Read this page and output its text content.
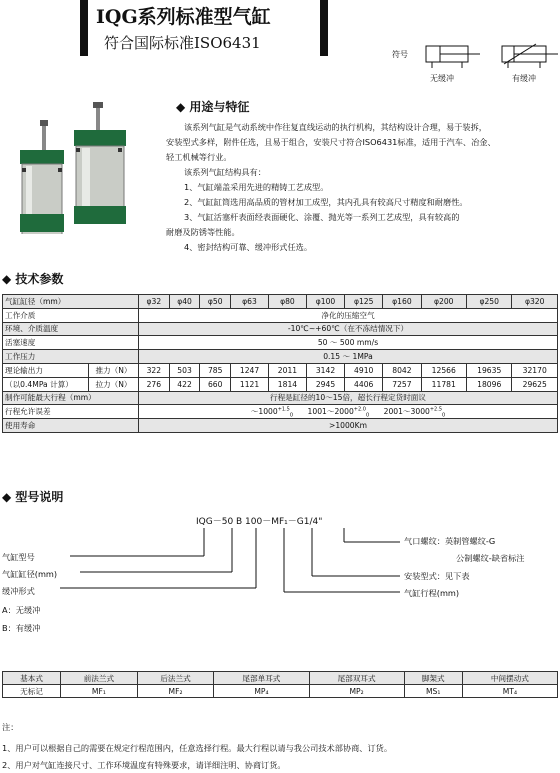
IQG系列标准型气缸
符合国际标准ISO6431
符号
无缓冲	有缓冲
◆ 用途与特征

该系列气缸是气动系统中作往复直线运动的执行机构，其结构设计合理，易于装拆，

安装型式多样，附件任选，且易于组合，安装尺寸符合ISO6431标准，适用于汽车、冶金、

轻工机械等行业。

该系列气缸结构具有：

1、气缸端盖采用先进的精铸工艺成型。

2、气缸缸筒选用高品质的管材加工成型，其内孔具有较高尺寸精度和耐磨性。

3、气缸活塞杆表面经表面硬化、涂覆、抛光等一系列工艺成型，具有较高的

耐磨及防锈等性能。

4、密封结构可靠、缓冲形式任选。

◆ 技术参数
气缸缸径（mm）		φ32	φ40	φ50	φ63	φ80	φ100	φ125	φ160	φ200	φ250	φ320
工作介质		净化的压缩空气										
环境、介质温度		-10℃~+60℃（在不冻结情况下）										
活塞速度		50 ～ 500 mm/s										
工作压力		0.15 ～ 1MPa										
理论输出力	推力（N）	322	503	785	1247	2011	3142	4910	8042	12566	19635	32170
（以0.4MPa 计算）	拉力（N）	276	422	660	1121	1814	2945	4406	7257	11781	18096	29625
制作可能最大行程（mm）		行程是缸径的10～15倍，超长行程定货时面议										
行程允许误差		$\sim 1000^{+1.5}_0$ $1001\sim 2000^{+2.0}_0$ $2001\sim 3000^{+2.5}_0$
使用寿命		>1000Km										
◆ 型号说明
IQG－50 B 100－MF₁－G1/4"
气缸型号
气缸缸径(mm)
缓冲形式
A：无缓冲
B：有缓冲
气口螺纹：英制管螺纹-G
公制螺纹-缺省标注
安装型式：见下表
气缸行程(mm)
基本式	前法兰式	后法兰式	尾部单耳式	尾部双耳式	脚架式	中间摆动式
无标记	MF₁	MF₂	MP₄	MP₂	MS₁	MT₄
注：
1、用户可以根据自己的需要在规定行程范围内，任意选择行程。最大行程以请与我公司技术部协商、订货。
2、用户对气缸连接尺寸、工作环境温度有特殊要求，请详细注明、协商订货。
